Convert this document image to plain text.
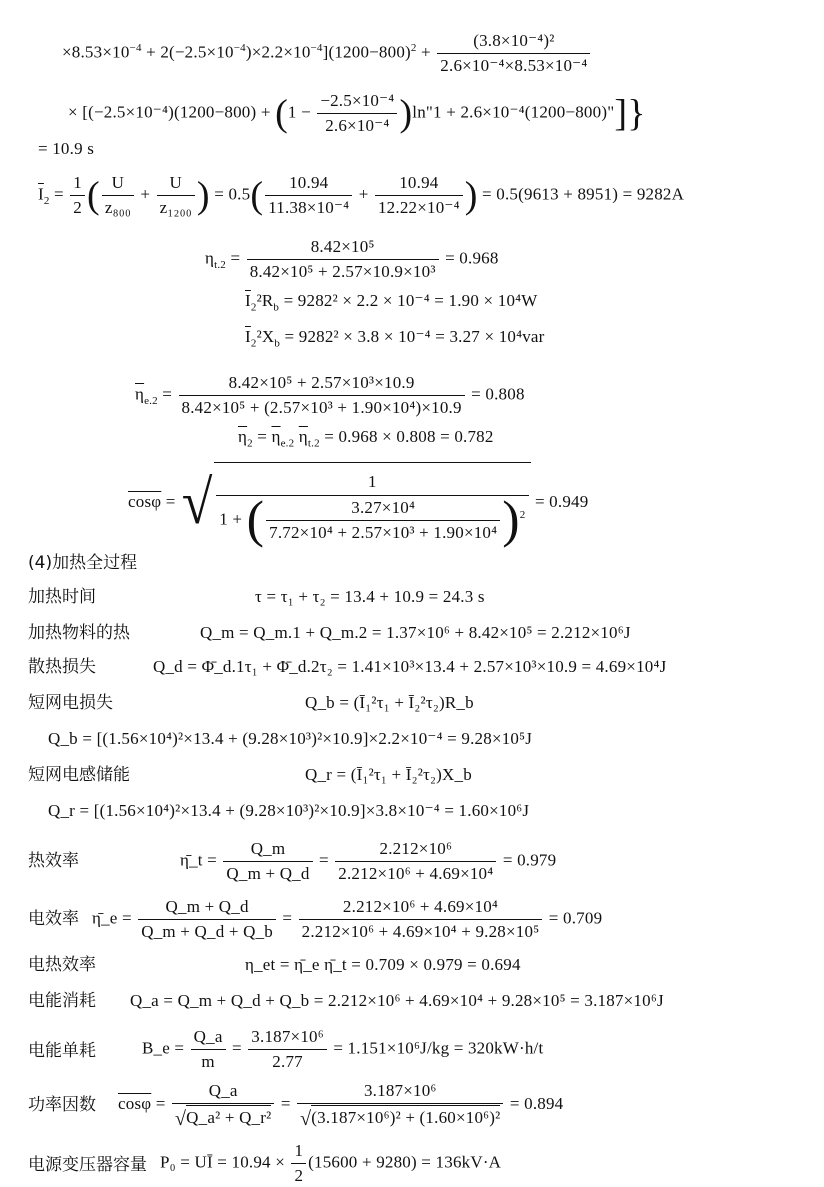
$\times 8.53\times 10^{-4} + 2(-2.5\times 10^{-4})\times 2.2\times 10^{-4}](1200-800)^2 + \frac{\text{(3.8×10⁻⁴)²}}{\text{2.6×10⁻⁴×8.53×10⁻⁴}}$
× [$(-2.5\times 10^{-4})(1200-800) + (1 - \frac{\text{−2.5×10⁻⁴}}{\text{2.6×10⁻⁴}}$ )ln"1 + 2.6×10⁻⁴(1200−800)"]}
= 10.9 s
$\overline{I}_2 = \frac{1}{2}$ ( $\frac{U}{\text{z₈₀₀}} + \frac{U}{\text{z₁₂₀₀}}$ ) = $0.5( \frac{10.94}{\text{11.38×10⁻⁴}} + \frac{10.94}{\text{12.22×10⁻⁴}}$ ) = 0.5(9613 + 8951) = 9282A
$\eta_{t.2} = \frac{\text{8.42×10⁵}}{\text{8.42×10⁵ + 2.57×10.9×10³}} = 0.968$
$\overline{I}_2^2R_b = 9282^2 \times 2.2 \times 10^{-4} = 1.90 \times 10^4W$
$\overline{I}_2^2X_b = 9282^2 \times 3.8 \times 10^{-4} = 3.27 \times 10^4var$
$\overline{\eta}_{e.2} = \frac{\text{8.42×10⁵ + 2.57×10³×10.9}}{\text{8.42×10⁵ + (2.57×10³ + 1.90×10⁴)×10.9}} = 0.808$
$\overline{\eta}_2 = \overline{\eta}_{e.2}$ $\overline{\eta}_{t.2} = 0.968 \times 0.808 = 0.782$
cosφ = √ $\frac{1}{1 + ( \frac{\text{3.27×10⁴}}{\text{7.72×10⁴ + 2.57×10³ + 1.90×10⁴}} )^2} = 0.949$
(4)加热全过程
加热时间	τ = τ₁ + τ₂ = 13.4 + 10.9 = 24.3 s
加热物料的热	Q_m = Q_m.1 + Q_m.2 = 1.37×10⁶ + 8.42×10⁵ = 2.212×10⁶J
散热损失	Q_d = Φ̄_d.1τ₁ + Φ̄_d.2τ₂ = 1.41×10³×13.4 + 2.57×10³×10.9 = 4.69×10⁴J
短网电损失	Q_b = (Ī₁²τ₁ + Ī₂²τ₂)R_b
Q_b = [(1.56×10⁴)²×13.4 + (9.28×10³)²×10.9]×2.2×10⁻⁴ = 9.28×10⁵J
短网电感储能	Q_r = (Ī₁²τ₁ + Ī₂²τ₂)X_b
Q_r = [(1.56×10⁴)²×13.4 + (9.28×10³)²×10.9]×3.8×10⁻⁴ = 1.60×10⁶J
热效率	η̄_t = $\frac{Q\_m}{Q\_m + Q\_d} = \frac{\text{2.212×10⁶}}{\text{2.212×10⁶ + 4.69×10⁴}} = 0.979$
电效率 η̄_e = $\frac{Q\_m + Q\_d}{Q\_m + Q\_d + Q\_b} = \frac{\text{2.212×10⁶ + 4.69×10⁴}}{\text{2.212×10⁶ + 4.69×10⁴ + 9.28×10⁵}} = 0.709$
电热效率	η_et = η̄_e η̄_t = 0.709 × 0.979 = 0.694
电能消耗 Q_a = Q_m + Q_d + Q_b = 2.212×10⁶ + 4.69×10⁴ + 9.28×10⁵ = 3.187×10⁶J
电能单耗	B_e = $\frac{Q\_a}{m} = \frac{\text{3.187×10⁶}}{2.77} = 1.151\times 10^6J/kg = 320kW\cdot h/t$
功率因数 $\cos\varphi = \frac{Q\_a}{\text{√Q\_a² + Q\_r²}} = \frac{\text{3.187×10⁶}}{\text{√(3.187×10⁶)² + (1.60×10⁶)²}} = 0.894$
电源变压器容量 P₀ = UĪ = $10.94 \times \frac{1}{2} (15600 + 9280) = 136kV\cdot A$
